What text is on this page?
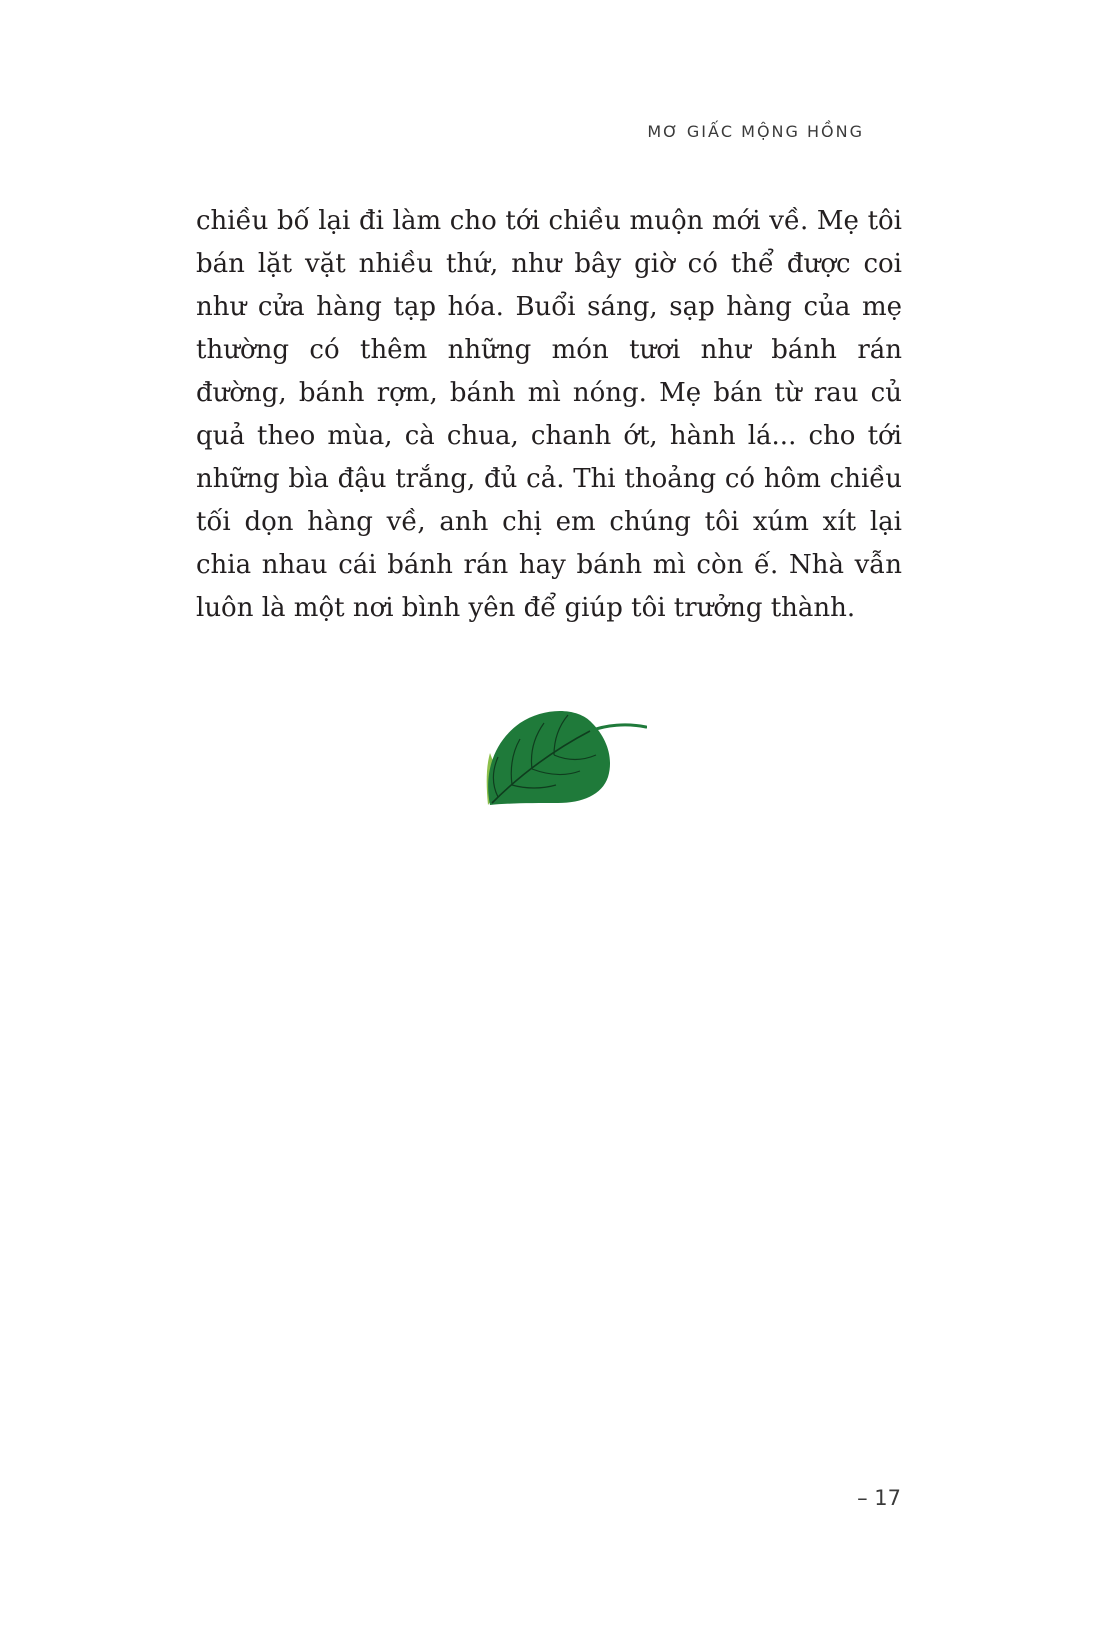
MƠ GIẤC MỘNG HỒNG

chiều bố lại đi làm cho tới chiều muộn mới về. Mẹ tôi bán lặt vặt nhiều thứ, như bây giờ có thể được coi như cửa hàng tạp hóa. Buổi sáng, sạp hàng của mẹ thường có thêm những món tươi như bánh rán đường, bánh rợm, bánh mì nóng. Mẹ bán từ rau củ quả theo mùa, cà chua, chanh ớt, hành lá... cho tới những bìa đậu trắng, đủ cả. Thi thoảng có hôm chiều tối dọn hàng về, anh chị em chúng tôi xúm xít lại chia nhau cái bánh rán hay bánh mì còn ế. Nhà vẫn luôn là một nơi bình yên để giúp tôi trưởng thành.

– 17
